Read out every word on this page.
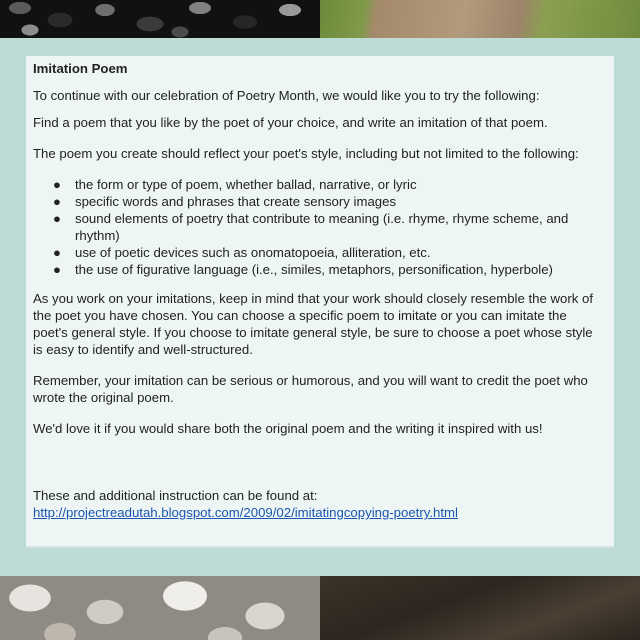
Imitation Poem

To continue with our celebration of Poetry Month, we would like you to try the following:

Find a poem that you like by the poet of your choice, and write an imitation of that poem.

The poem you create should reflect your poet's style, including but not limited to the following:

● the form or type of poem, whether ballad, narrative, or lyric
● specific words and phrases that create sensory images
● sound elements of poetry that contribute to meaning (i.e. rhyme, rhyme scheme, and rhythm)
● use of poetic devices such as onomatopoeia, alliteration, etc.
● the use of figurative language (i.e., similes, metaphors, personification, hyperbole)

As you work on your imitations, keep in mind that your work should closely resemble the work of the poet you have chosen. You can choose a specific poem to imitate or you can imitate the poet's general style. If you choose to imitate general style, be sure to choose a poet whose style is easy to identify and well-structured.

Remember, your imitation can be serious or humorous, and you will want to credit the poet who wrote the original poem.

We'd love it if you would share both the original poem and the writing it inspired with us!

These and additional instruction can be found at:
http://projectreadutah.blogspot.com/2009/02/imitatingcopying-poetry.html
